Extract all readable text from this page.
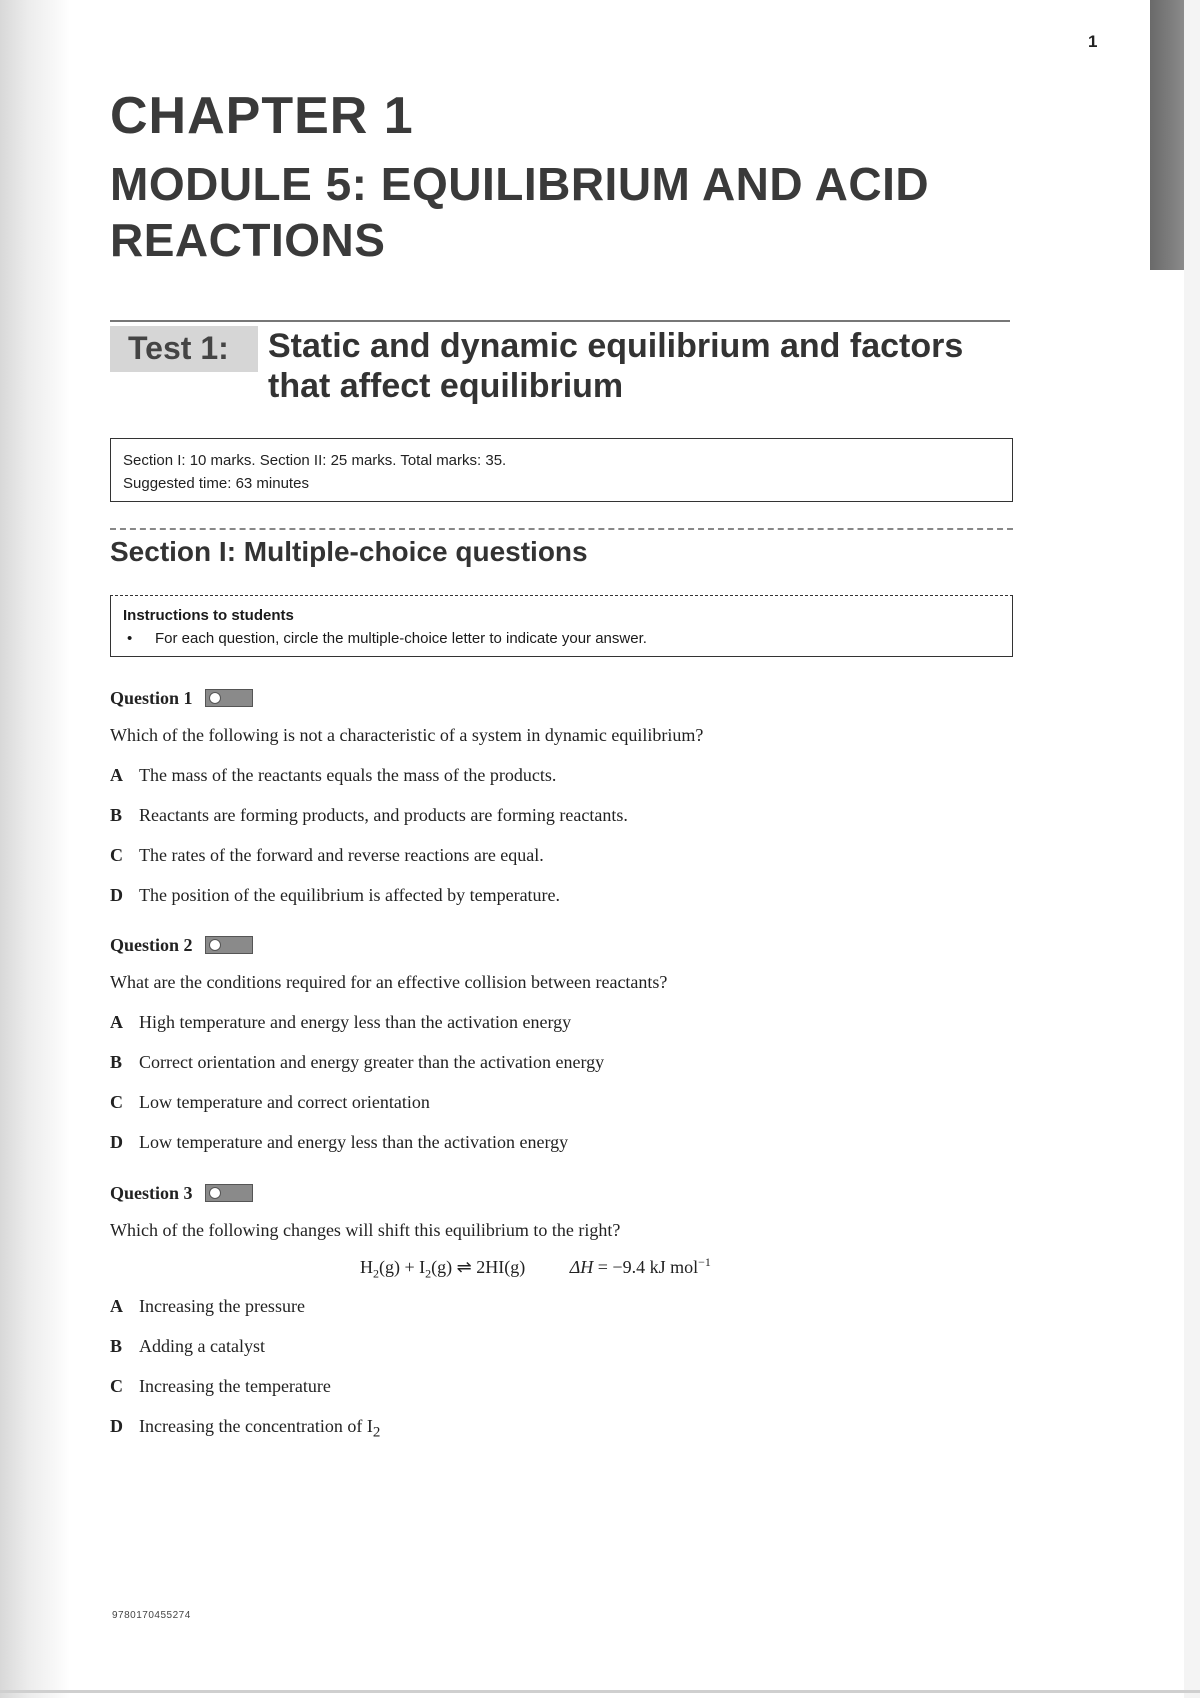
1
CHAPTER 1
MODULE 5: EQUILIBRIUM AND ACID REACTIONS
Test 1:	Static and dynamic equilibrium and factors that affect equilibrium
Section I: 10 marks. Section II: 25 marks. Total marks: 35.
Suggested time: 63 minutes
Section I: Multiple-choice questions
Instructions to students
• For each question, circle the multiple-choice letter to indicate your answer.
Question 1
Which of the following is not a characteristic of a system in dynamic equilibrium?
A The mass of the reactants equals the mass of the products.
B Reactants are forming products, and products are forming reactants.
C The rates of the forward and reverse reactions are equal.
D The position of the equilibrium is affected by temperature.
Question 2
What are the conditions required for an effective collision between reactants?
A High temperature and energy less than the activation energy
B Correct orientation and energy greater than the activation energy
C Low temperature and correct orientation
D Low temperature and energy less than the activation energy
Question 3
Which of the following changes will shift this equilibrium to the right?
$H_2(g) + I_2(g)$ ⇌ 2HI(g) ΔH = −9.4 kJ mol$^{-1}$
A Increasing the pressure
B Adding a catalyst
C Increasing the temperature
D Increasing the concentration of $I_2$
9780170455274
